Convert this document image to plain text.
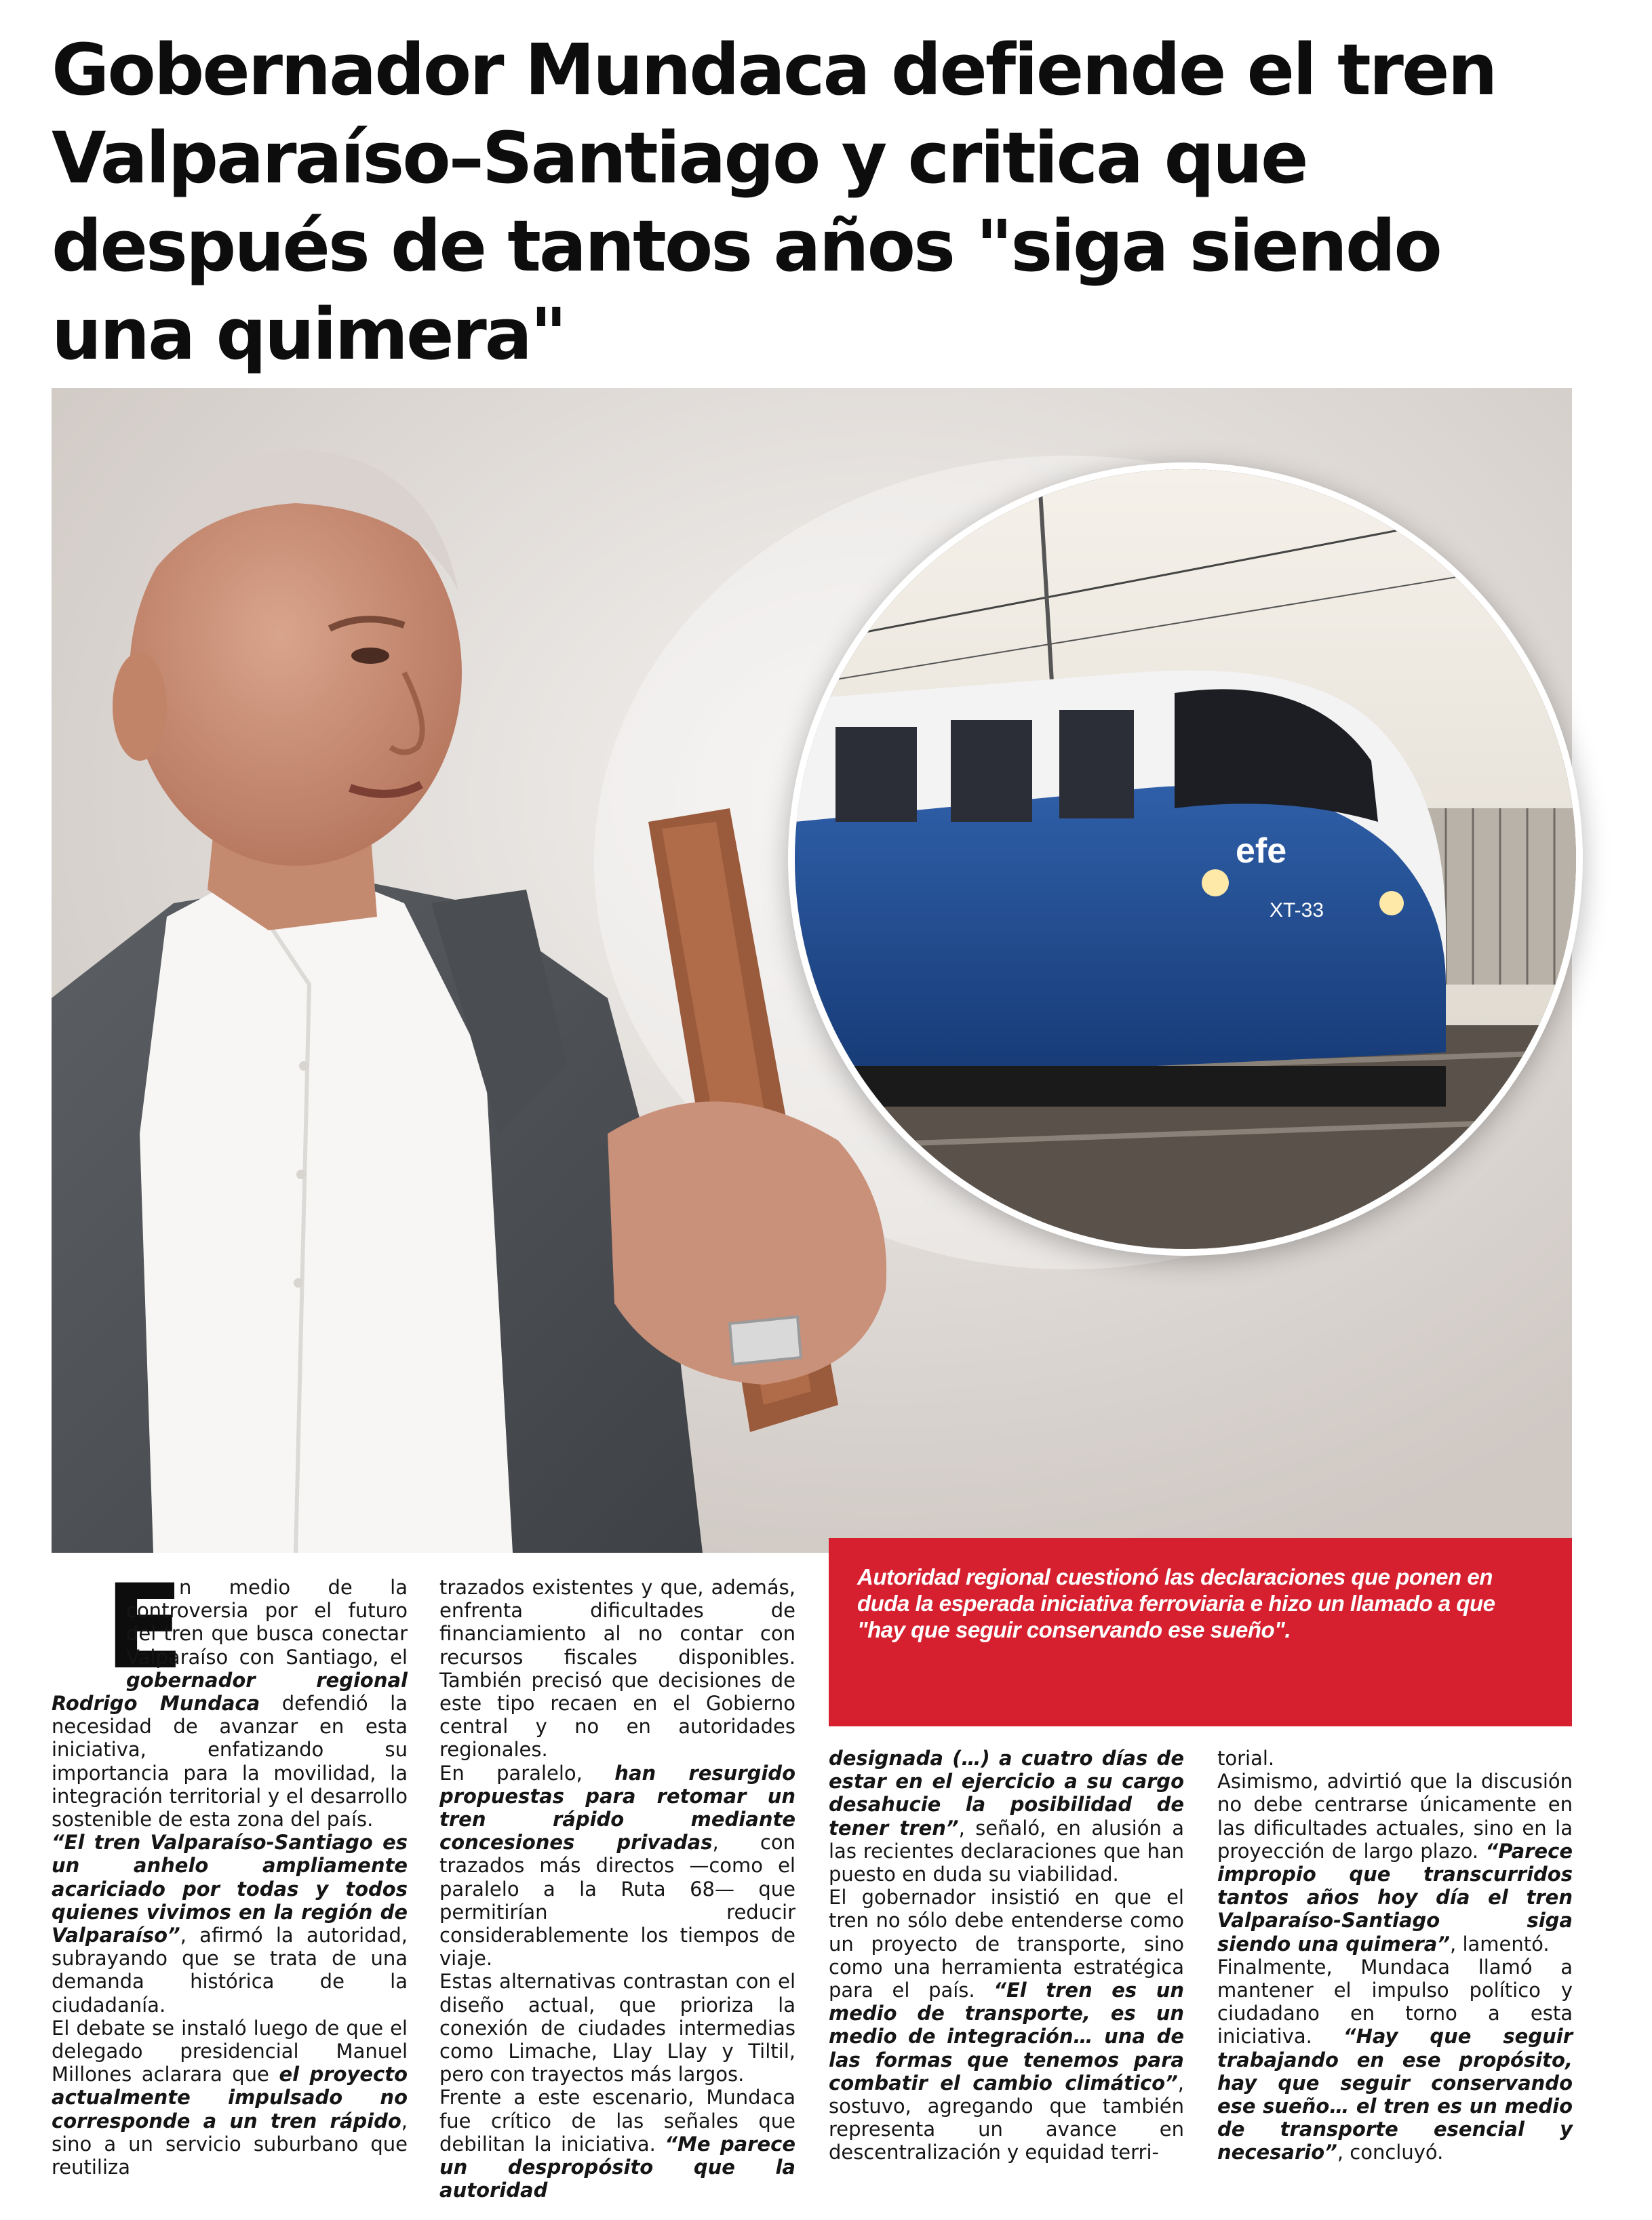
Gobernador Mundaca defiende el tren Valparaíso–Santiago y critica que después de tantos años "siga siendo una quimera"
efe
XT-33

Autoridad regional cuestionó las declaraciones que ponen en duda la esperada iniciativa ferroviaria e hizo un llamado a que "hay que seguir conservando ese sueño".

E
n medio de la controversia por el futuro del tren que busca conectar Valparaíso con Santiago, el gobernador regional Rodrigo Mundaca defendió la necesidad de avanzar en esta iniciativa, enfatizando su importancia para la movilidad, la integración territorial y el desarrollo sostenible de esta zona del país.

“El tren Valparaíso-Santiago es un anhelo ampliamente acariciado por todas y todos quienes vivimos en la región de Valparaíso”, afirmó la autoridad, subrayando que se trata de una demanda histórica de la ciudadanía.

El debate se instaló luego de que el delegado presidencial Manuel Millones aclarara que el proyecto actualmente impulsado no corresponde a un tren rápido, sino a un servicio suburbano que reutiliza

trazados existentes y que, además, enfrenta dificultades de financiamiento al no contar con recursos fiscales disponibles. También precisó que decisiones de este tipo recaen en el Gobierno central y no en autoridades regionales.

En paralelo, han resurgido propuestas para retomar un tren rápido mediante concesiones privadas, con trazados más directos —como el paralelo a la Ruta 68— que permitirían reducir considerablemente los tiempos de viaje.

Estas alternativas contrastan con el diseño actual, que prioriza la conexión de ciudades intermedias como Limache, Llay Llay y Tiltil, pero con trayectos más largos.

Frente a este escenario, Mundaca fue crítico de las señales que debilitan la iniciativa. “Me parece un despropósito que la autoridad

designada (…) a cuatro días de estar en el ejercicio a su cargo desahucie la posibilidad de tener tren”, señaló, en alusión a las recientes declaraciones que han puesto en duda su viabilidad.

El gobernador insistió en que el tren no sólo debe entenderse como un proyecto de transporte, sino como una herramienta estratégica para el país. “El tren es un medio de transporte, es un medio de integración… una de las formas que tenemos para combatir el cambio climático”, sostuvo, agregando que también representa un avance en descentralización y equidad terri-

torial.

Asimismo, advirtió que la discusión no debe centrarse únicamente en las dificultades actuales, sino en la proyección de largo plazo. “Parece impropio que transcurridos tantos años hoy día el tren Valparaíso-Santiago siga siendo una quimera”, lamentó.

Finalmente, Mundaca llamó a mantener el impulso político y ciudadano en torno a esta iniciativa. “Hay que seguir trabajando en ese propósito, hay que seguir conservando ese sueño… el tren es un medio de transporte esencial y necesario”, concluyó.
